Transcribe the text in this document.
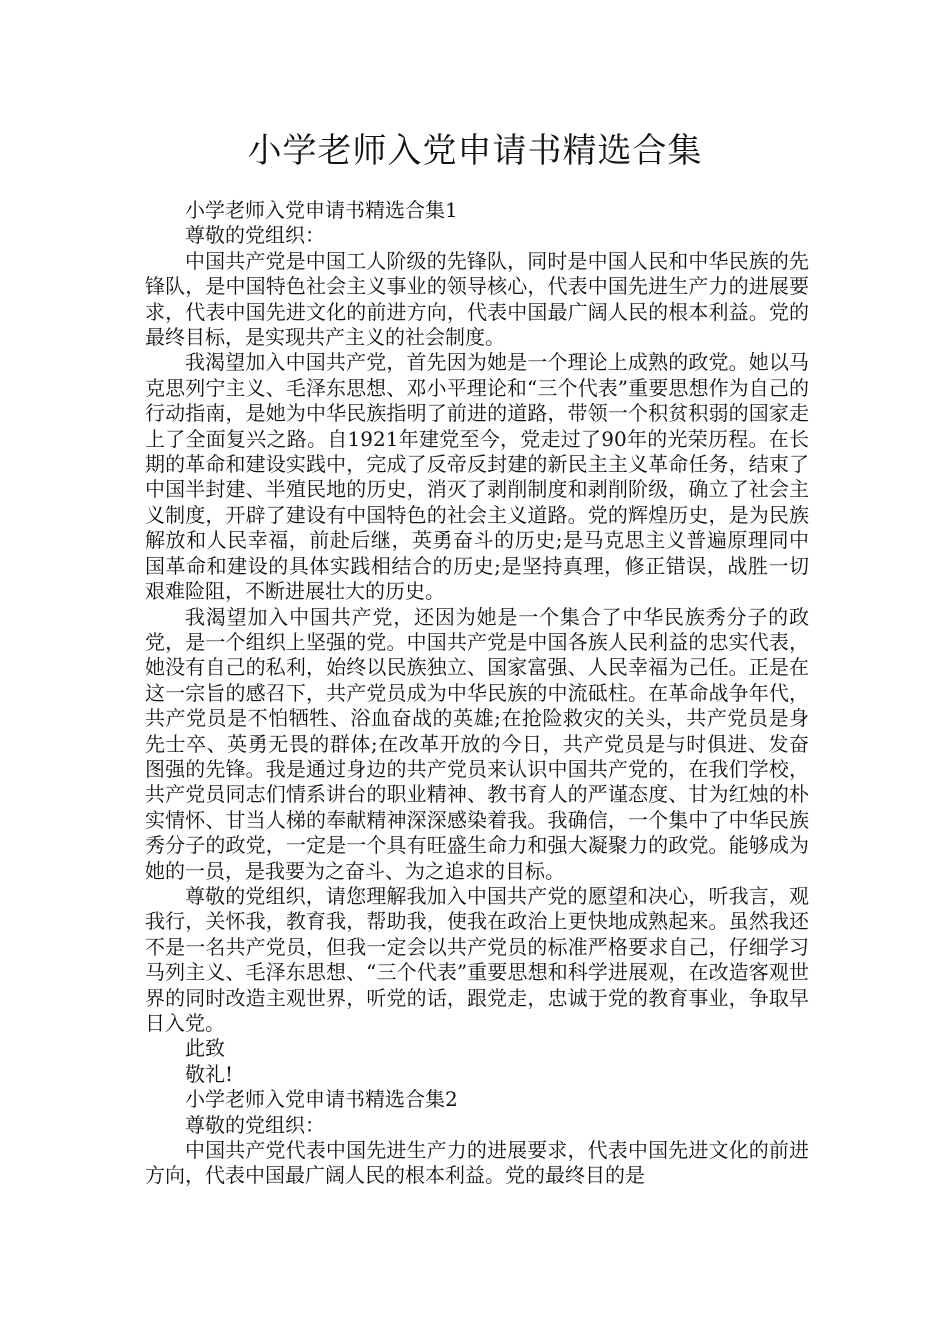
小学老师入党申请书精选合集

小学老师入党申请书精选合集1

尊敬的党组织：

中国共产党是中国工人阶级的先锋队，同时是中国人民和中华民族的先锋队，是中国特色社会主义事业的领导核心，代表中国先进生产力的进展要求，代表中国先进文化的前进方向，代表中国最广阔人民的根本利益。党的最终目标，是实现共产主义的社会制度。

我渴望加入中国共产党，首先因为她是一个理论上成熟的政党。她以马克思列宁主义、毛泽东思想、邓小平理论和“三个代表”重要思想作为自己的行动指南，是她为中华民族指明了前进的道路，带领一个积贫积弱的国家走上了全面复兴之路。自1921年建党至今，党走过了90年的光荣历程。在长期的革命和建设实践中，完成了反帝反封建的新民主主义革命任务，结束了中国半封建、半殖民地的历史，消灭了剥削制度和剥削阶级，确立了社会主义制度，开辟了建设有中国特色的社会主义道路。党的辉煌历史，是为民族解放和人民幸福，前赴后继，英勇奋斗的历史;是马克思主义普遍原理同中国革命和建设的具体实践相结合的历史;是坚持真理，修正错误，战胜一切艰难险阻，不断进展壮大的历史。

我渴望加入中国共产党，还因为她是一个集合了中华民族秀分子的政党，是一个组织上坚强的党。中国共产党是中国各族人民利益的忠实代表，她没有自己的私利，始终以民族独立、国家富强、人民幸福为己任。正是在这一宗旨的感召下，共产党员成为中华民族的中流砥柱。在革命战争年代，共产党员是不怕牺牲、浴血奋战的英雄;在抢险救灾的关头，共产党员是身先士卒、英勇无畏的群体;在改革开放的今日，共产党员是与时俱进、发奋图强的先锋。我是通过身边的共产党员来认识中国共产党的，在我们学校，共产党员同志们情系讲台的职业精神、教书育人的严谨态度、甘为红烛的朴实情怀、甘当人梯的奉献精神深深感染着我。我确信，一个集中了中华民族秀分子的政党，一定是一个具有旺盛生命力和强大凝聚力的政党。能够成为她的一员，是我要为之奋斗、为之追求的目标。

尊敬的党组织，请您理解我加入中国共产党的愿望和决心，听我言，观我行，关怀我，教育我，帮助我，使我在政治上更快地成熟起来。虽然我还不是一名共产党员，但我一定会以共产党员的标准严格要求自己，仔细学习马列主义、毛泽东思想、“三个代表”重要思想和科学进展观，在改造客观世界的同时改造主观世界，听党的话，跟党走，忠诚于党的教育事业，争取早日入党。

此致

敬礼!

小学老师入党申请书精选合集2

尊敬的党组织：

中国共产党代表中国先进生产力的进展要求，代表中国先进文化的前进方向，代表中国最广阔人民的根本利益。党的最终目的是
